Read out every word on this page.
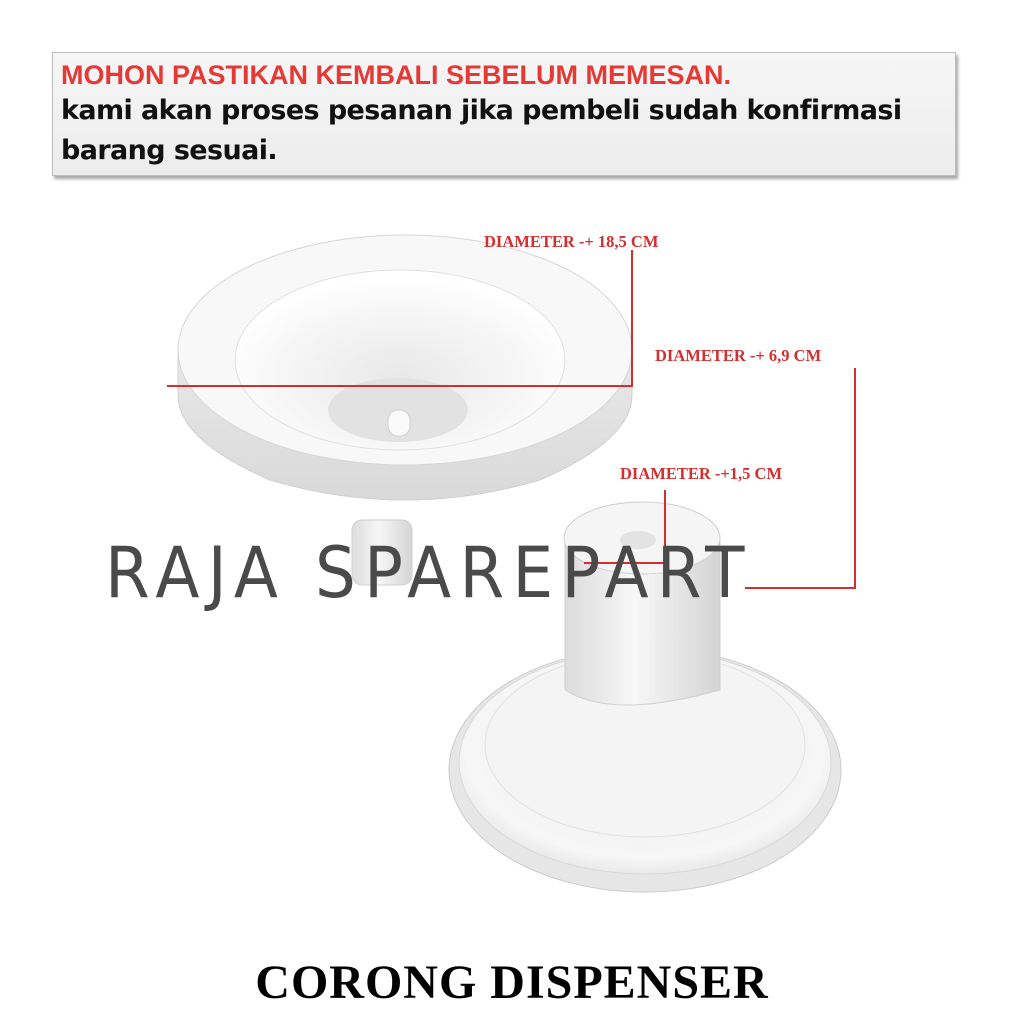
MOHON PASTIKAN KEMBALI SEBELUM MEMESAN.
kami akan proses pesanan jika pembeli sudah konfirmasi
barang sesuai.
DIAMETER -+ 18,5 CM
DIAMETER -+ 6,9 CM
DIAMETER -+1,5 CM
RAJA SPAREPART
CORONG DISPENSER
